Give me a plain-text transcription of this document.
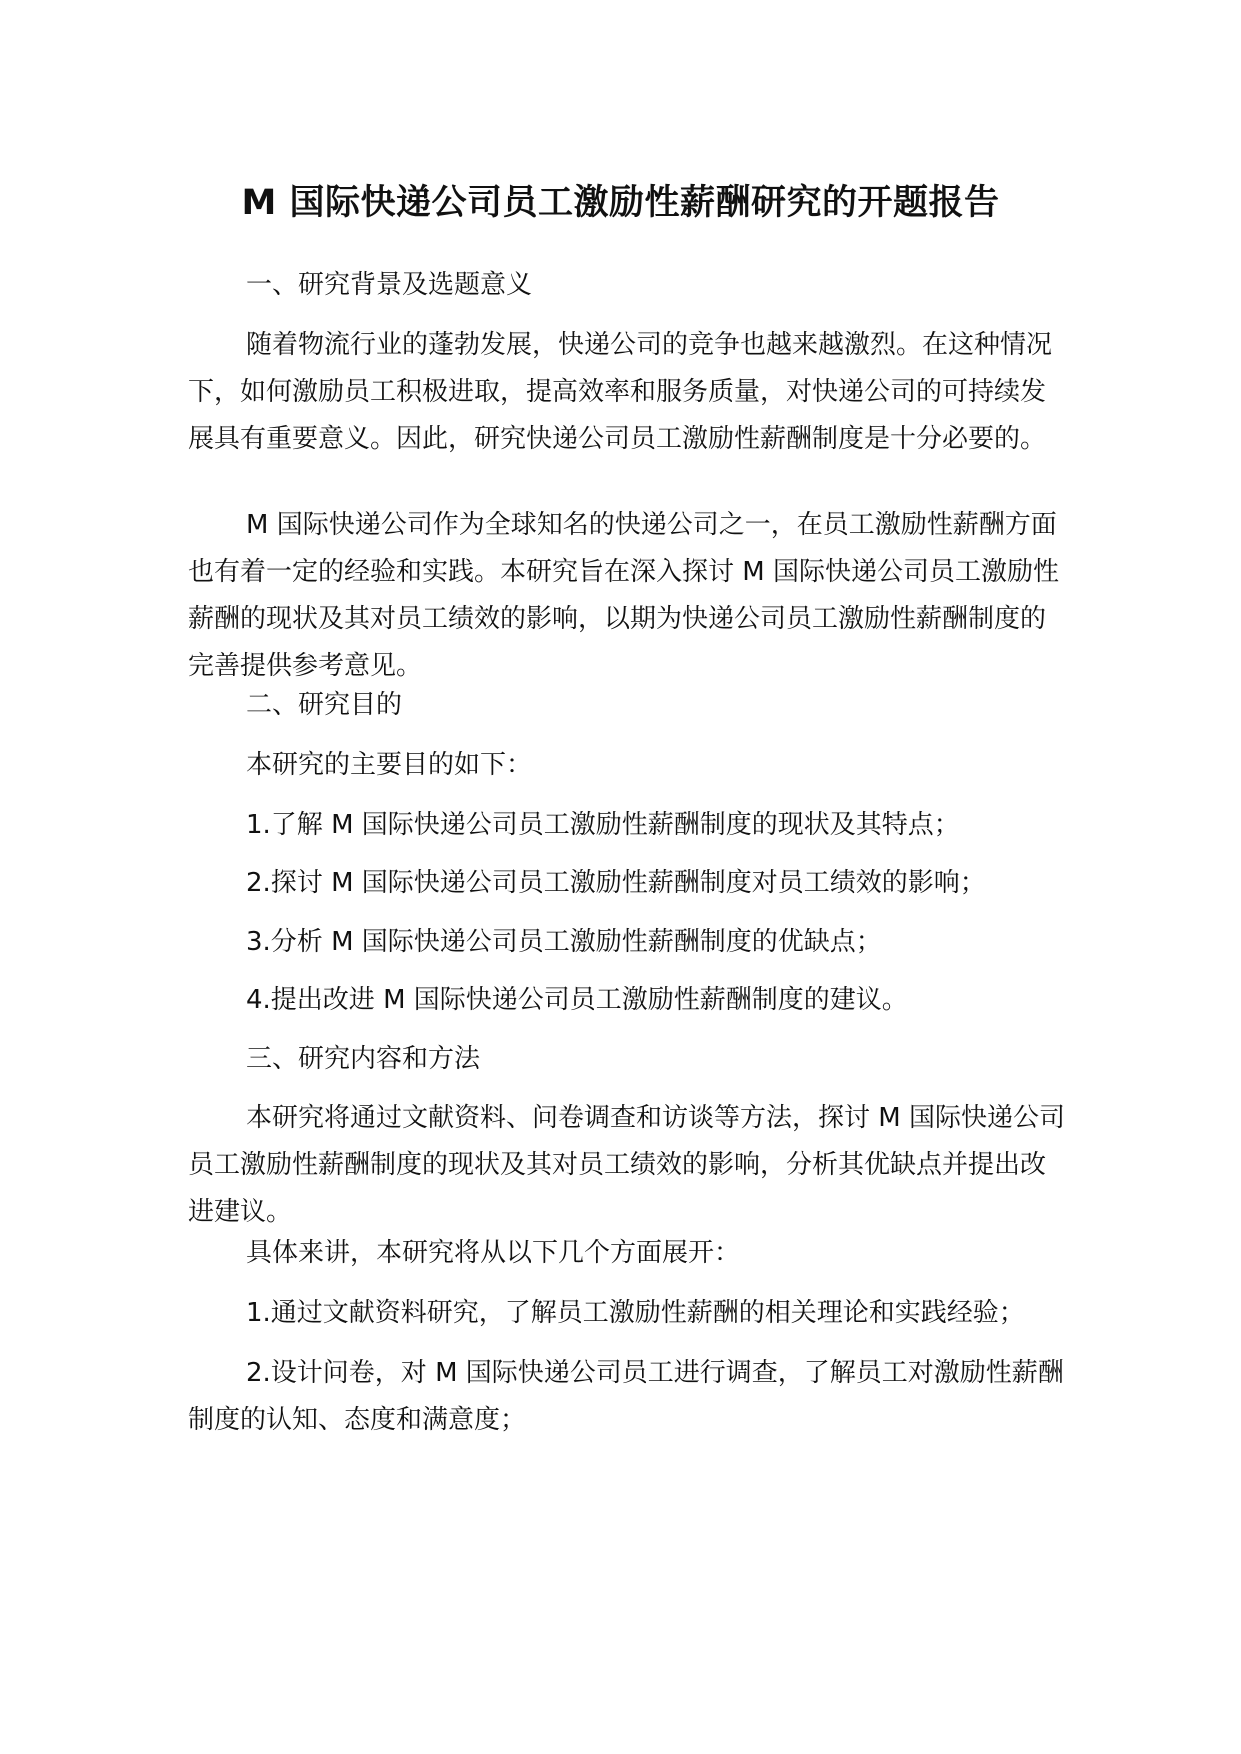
M 国际快递公司员工激励性薪酬研究的开题报告

一、研究背景及选题意义

随着物流行业的蓬勃发展，快递公司的竞争也越来越激烈。在这种情况下，如何激励员工积极进取，提高效率和服务质量，对快递公司的可持续发展具有重要意义。因此，研究快递公司员工激励性薪酬制度是十分必要的。

M 国际快递公司作为全球知名的快递公司之一，在员工激励性薪酬方面也有着一定的经验和实践。本研究旨在深入探讨 M 国际快递公司员工激励性薪酬的现状及其对员工绩效的影响，以期为快递公司员工激励性薪酬制度的完善提供参考意见。

二、研究目的

本研究的主要目的如下：

1.了解 M 国际快递公司员工激励性薪酬制度的现状及其特点；

2.探讨 M 国际快递公司员工激励性薪酬制度对员工绩效的影响；

3.分析 M 国际快递公司员工激励性薪酬制度的优缺点；

4.提出改进 M 国际快递公司员工激励性薪酬制度的建议。

三、研究内容和方法

本研究将通过文献资料、问卷调查和访谈等方法，探讨 M 国际快递公司员工激励性薪酬制度的现状及其对员工绩效的影响，分析其优缺点并提出改进建议。

具体来讲，本研究将从以下几个方面展开：

1.通过文献资料研究，了解员工激励性薪酬的相关理论和实践经验；

2.设计问卷，对 M 国际快递公司员工进行调查，了解员工对激励性薪酬制度的认知、态度和满意度；
